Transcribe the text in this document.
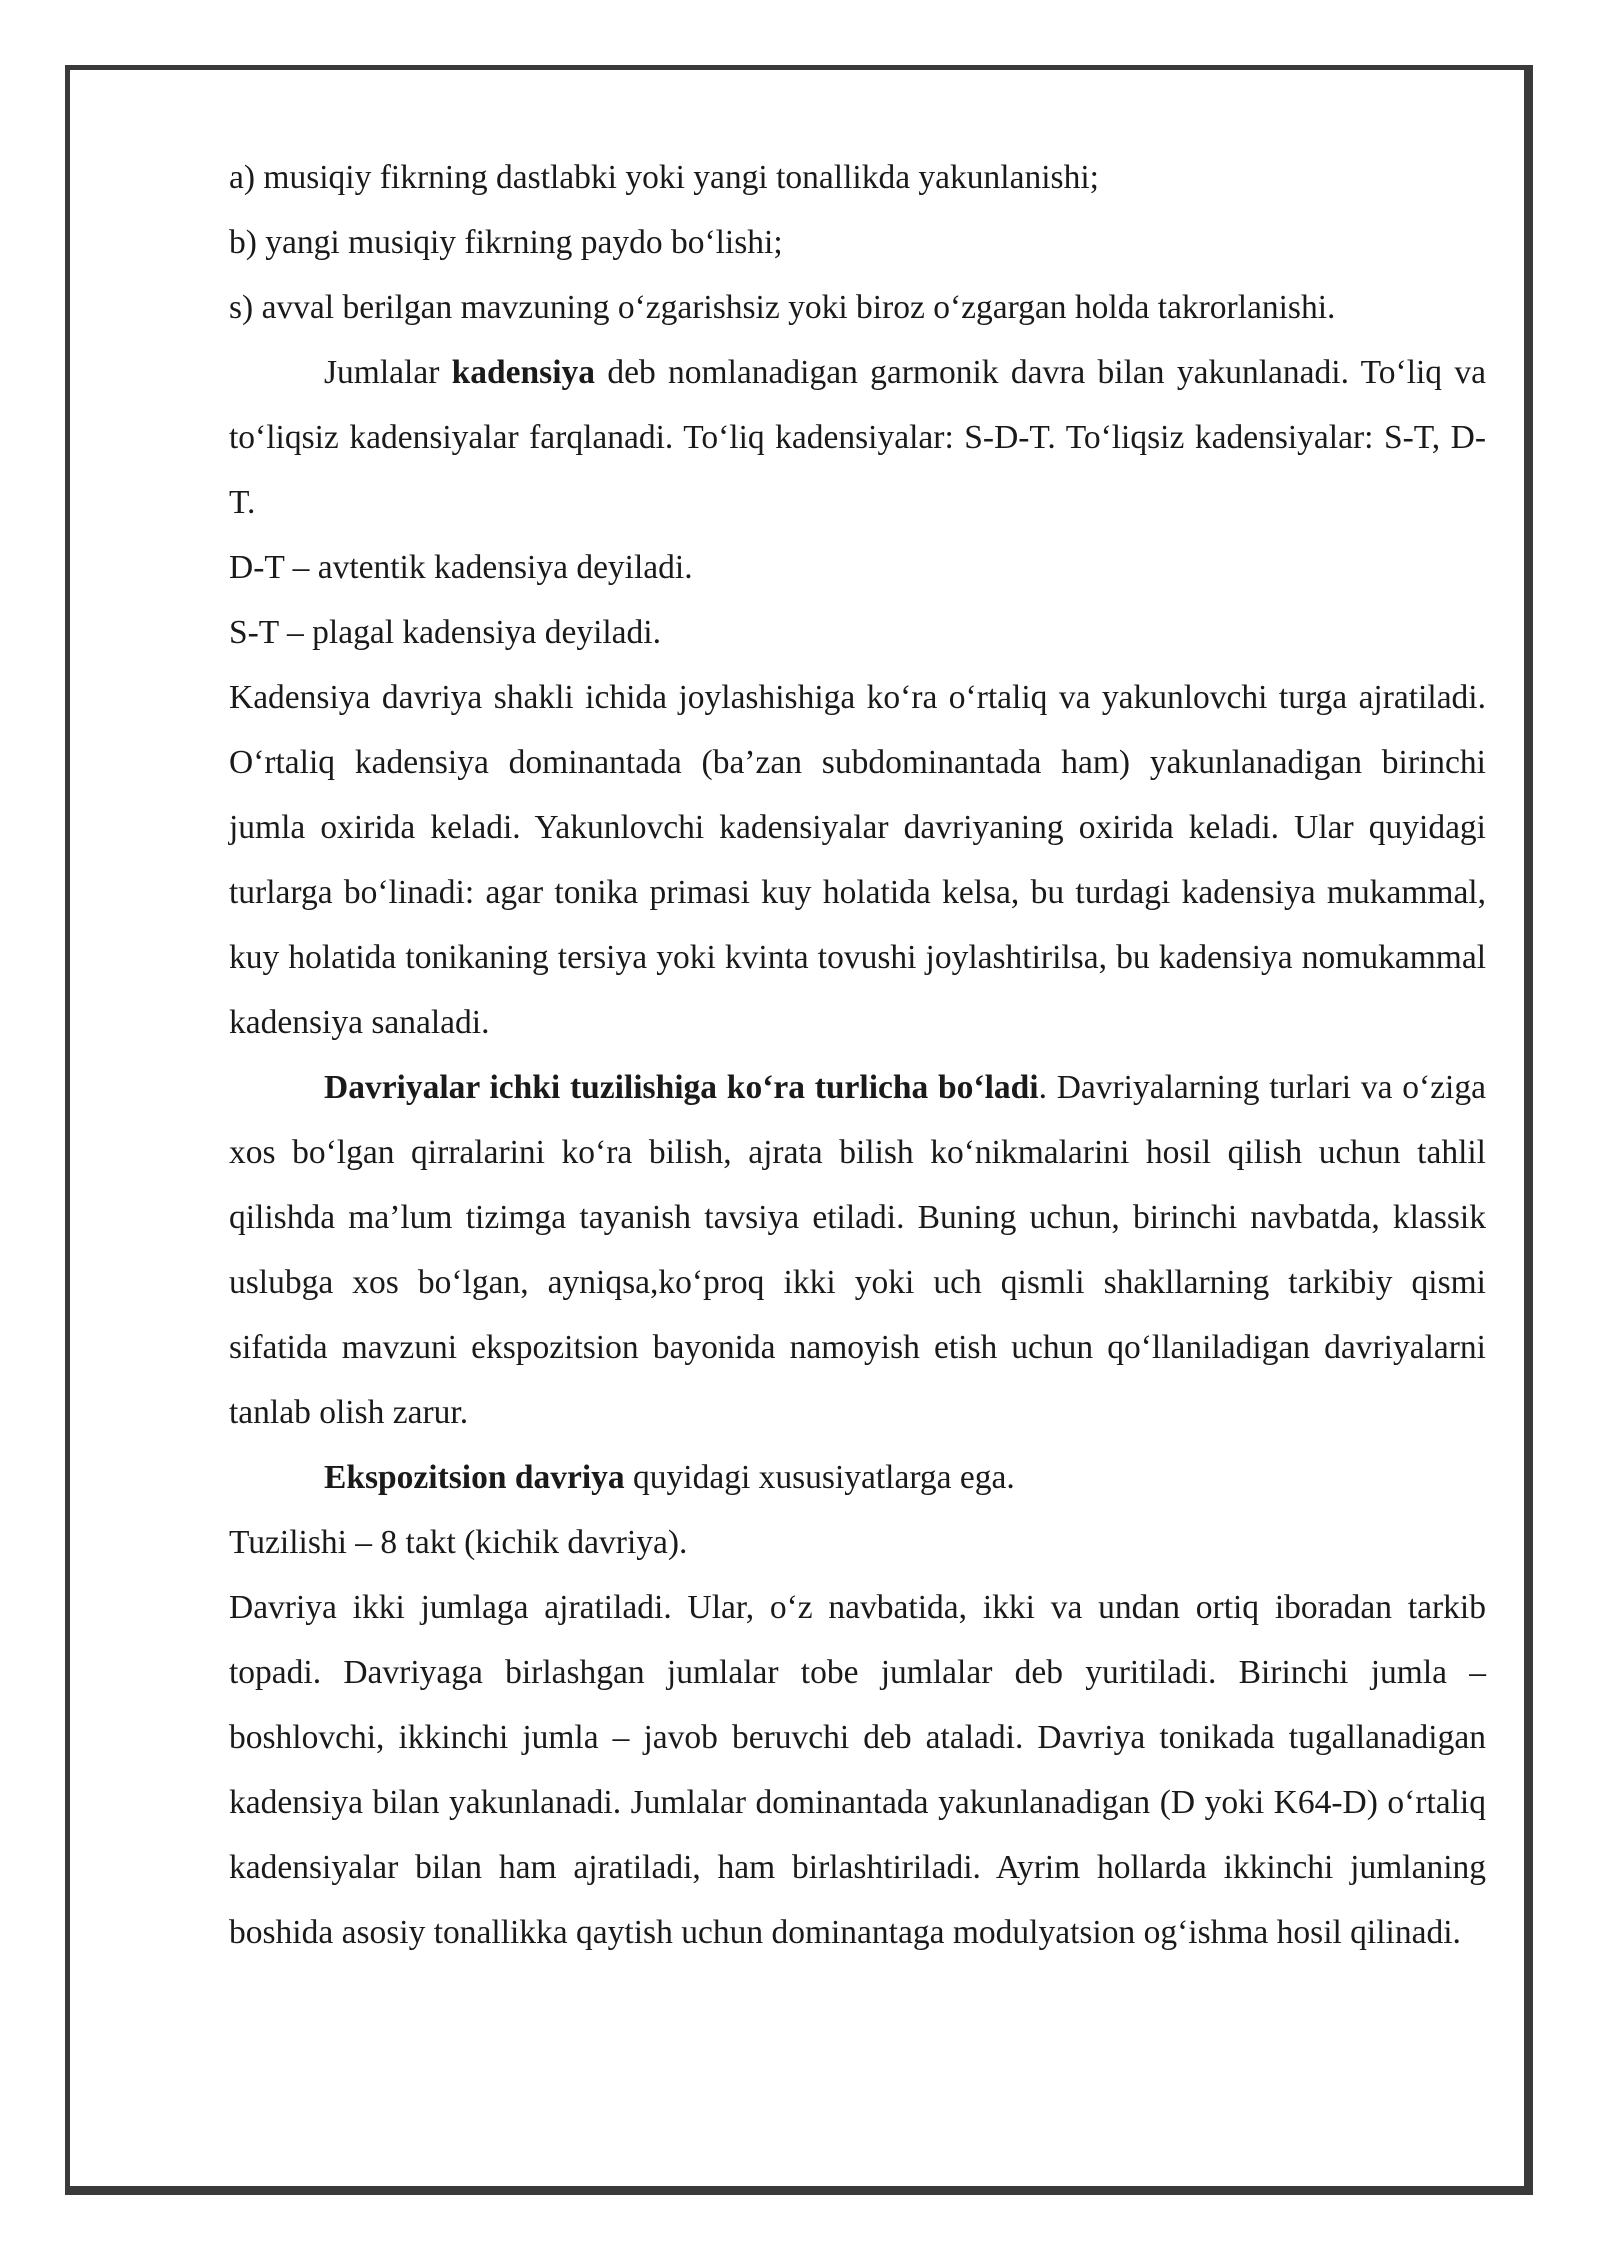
a) musiqiy fikrning dastlabki yoki yangi tonallikda yakunlanishi;

b) yangi musiqiy fikrning paydo bo‘lishi;

s) avval berilgan mavzuning o‘zgarishsiz yoki biroz o‘zgargan holda takrorlanishi.

Jumlalar kadensiya deb nomlanadigan garmonik davra bilan yakunlanadi. To‘liq va to‘liqsiz kadensiyalar farqlanadi. To‘liq kadensiyalar: S-D-T. To‘liqsiz kadensiyalar: S-T, D-T.

D-T – avtentik kadensiya deyiladi.

S-T – plagal kadensiya deyiladi.

Kadensiya davriya shakli ichida joylashishiga ko‘ra o‘rtaliq va yakunlovchi turga ajratiladi. O‘rtaliq kadensiya dominantada (ba’zan subdominantada ham) yakunlanadigan birinchi jumla oxirida keladi. Yakunlovchi kadensiyalar davriyaning oxirida keladi. Ular quyidagi turlarga bo‘linadi: agar tonika primasi kuy holatida kelsa, bu turdagi kadensiya mukammal, kuy holatida tonikaning tersiya yoki kvinta tovushi joylashtirilsa, bu kadensiya nomukammal kadensiya sanaladi.

Davriyalar ichki tuzilishiga ko‘ra turlicha bo‘ladi. Davriyalarning turlari va o‘ziga xos bo‘lgan qirralarini ko‘ra bilish, ajrata bilish ko‘nikmalarini hosil qilish uchun tahlil qilishda ma’lum tizimga tayanish tavsiya etiladi. Buning uchun, birinchi navbatda, klassik uslubga xos bo‘lgan, ayniqsa,ko‘proq ikki yoki uch qismli shakllarning tarkibiy qismi sifatida mavzuni ekspozitsion bayonida namoyish etish uchun qo‘llaniladigan davriyalarni tanlab olish zarur.

Ekspozitsion davriya quyidagi xususiyatlarga ega.

Tuzilishi – 8 takt (kichik davriya).

Davriya ikki jumlaga ajratiladi. Ular, o‘z navbatida, ikki va undan ortiq iboradan tarkib topadi. Davriyaga birlashgan jumlalar tobe jumlalar deb yuritiladi. Birinchi jumla – boshlovchi, ikkinchi jumla – javob beruvchi deb ataladi. Davriya tonikada tugallanadigan kadensiya bilan yakunlanadi. Jumlalar dominantada yakunlanadigan (D yoki K64-D) o‘rtaliq kadensiyalar bilan ham ajratiladi, ham birlashtiriladi. Ayrim hollarda ikkinchi jumlaning boshida asosiy tonallikka qaytish uchun dominantaga modulyatsion og‘ishma hosil qilinadi.
